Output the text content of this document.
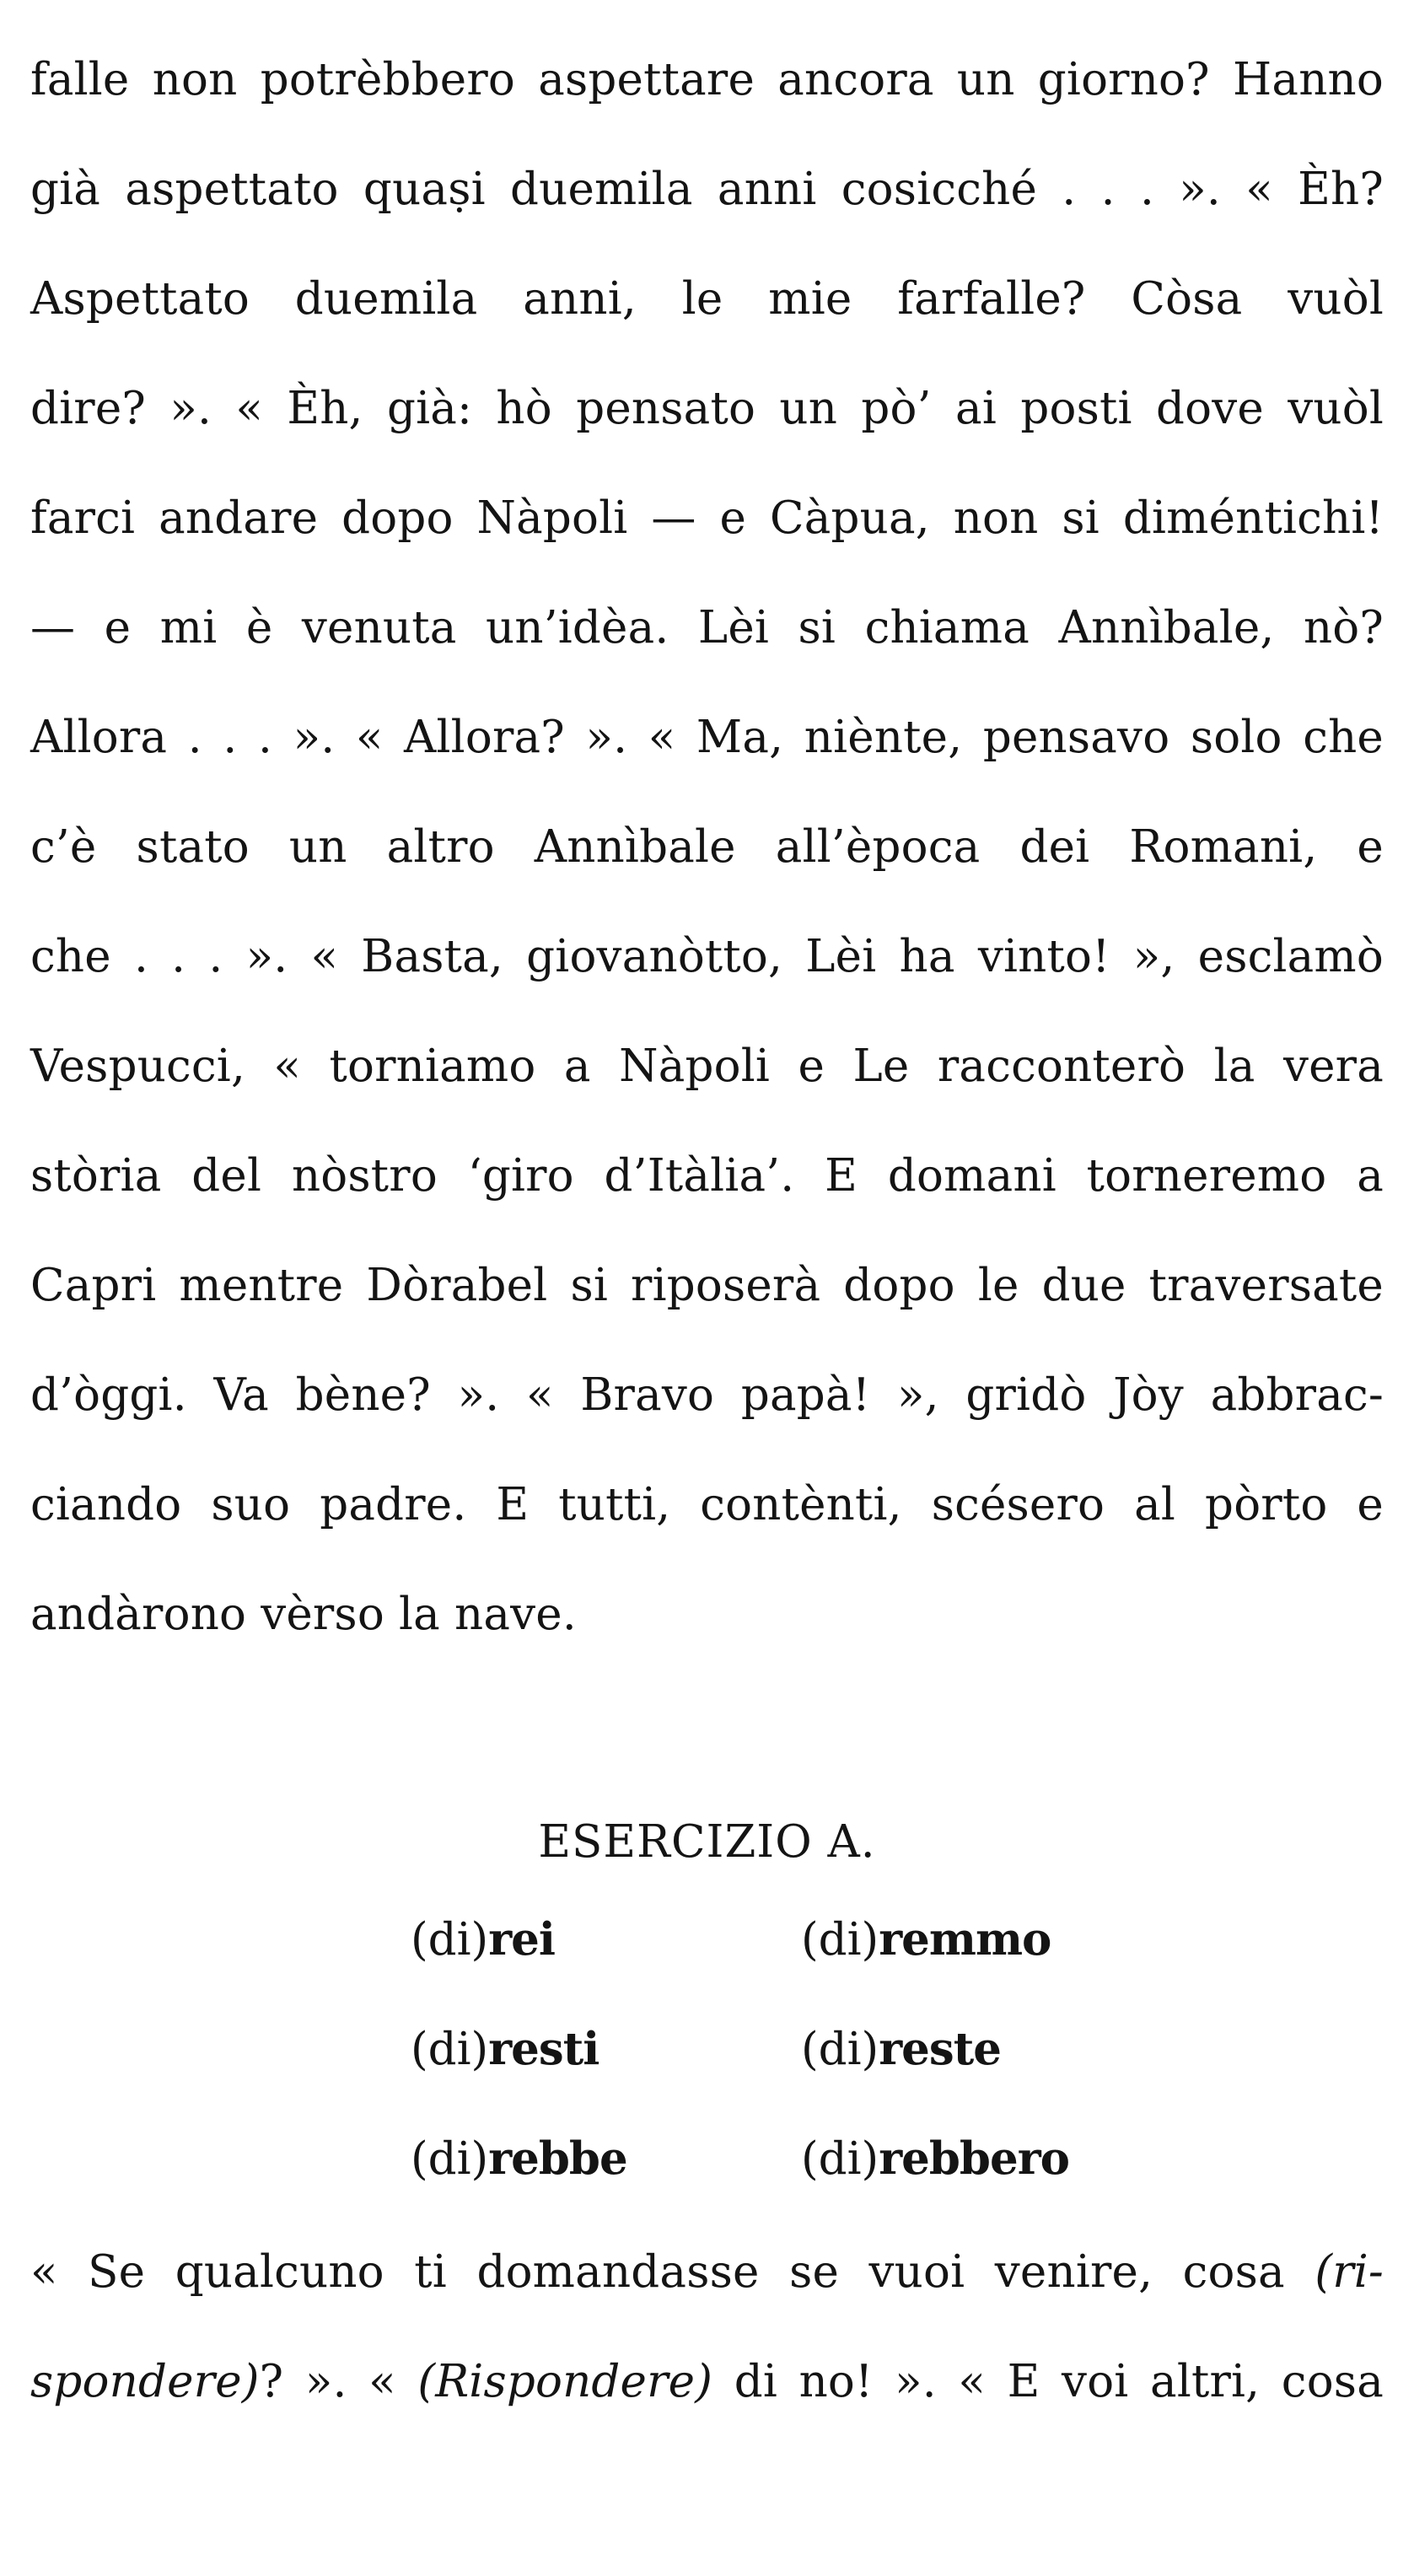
falle non potrèbbero aspettare ancora un giorno? Hanno
già aspettato quaṣi duemila anni cosicché . . . ». « Èh?
Aspettato duemila anni, le mie farfalle? Còsa vuòl
dire? ». « Èh, già: hò pensato un pò’ ai posti dove vuòl
farci andare dopo Nàpoli — e Càpua, non si diméntichi!
— e mi è venuta un’idèa. Lèi si chiama Annìbale, nò?
Allora . . . ». « Allora? ». « Ma, niènte, pensavo solo che
c’è stato un altro Annìbale all’època dei Romani, e
che . . . ». « Basta, giovanòtto, Lèi ha vinto! », esclamò
Vespucci, « torniamo a Nàpoli e Le racconterò la vera
stòria del nòstro ‘giro d’Itàlia’. E domani torneremo a
Capri mentre Dòrabel si riposerà dopo le due traversate
d’òggi. Va bène? ». « Bravo papà! », gridò Jòy abbrac-
ciando suo padre. E tutti, contènti, scésero al pòrto e
andàrono vèrso la nave.
ESERCIZIO A.
(di)rei	(di)remmo
(di)resti	(di)reste
(di)rebbe	(di)rebbero
« Se qualcuno ti domandasse se vuoi venire, cosa (ri-
spondere)? ». « (Rispondere) di no! ». « E voi altri, cosa
